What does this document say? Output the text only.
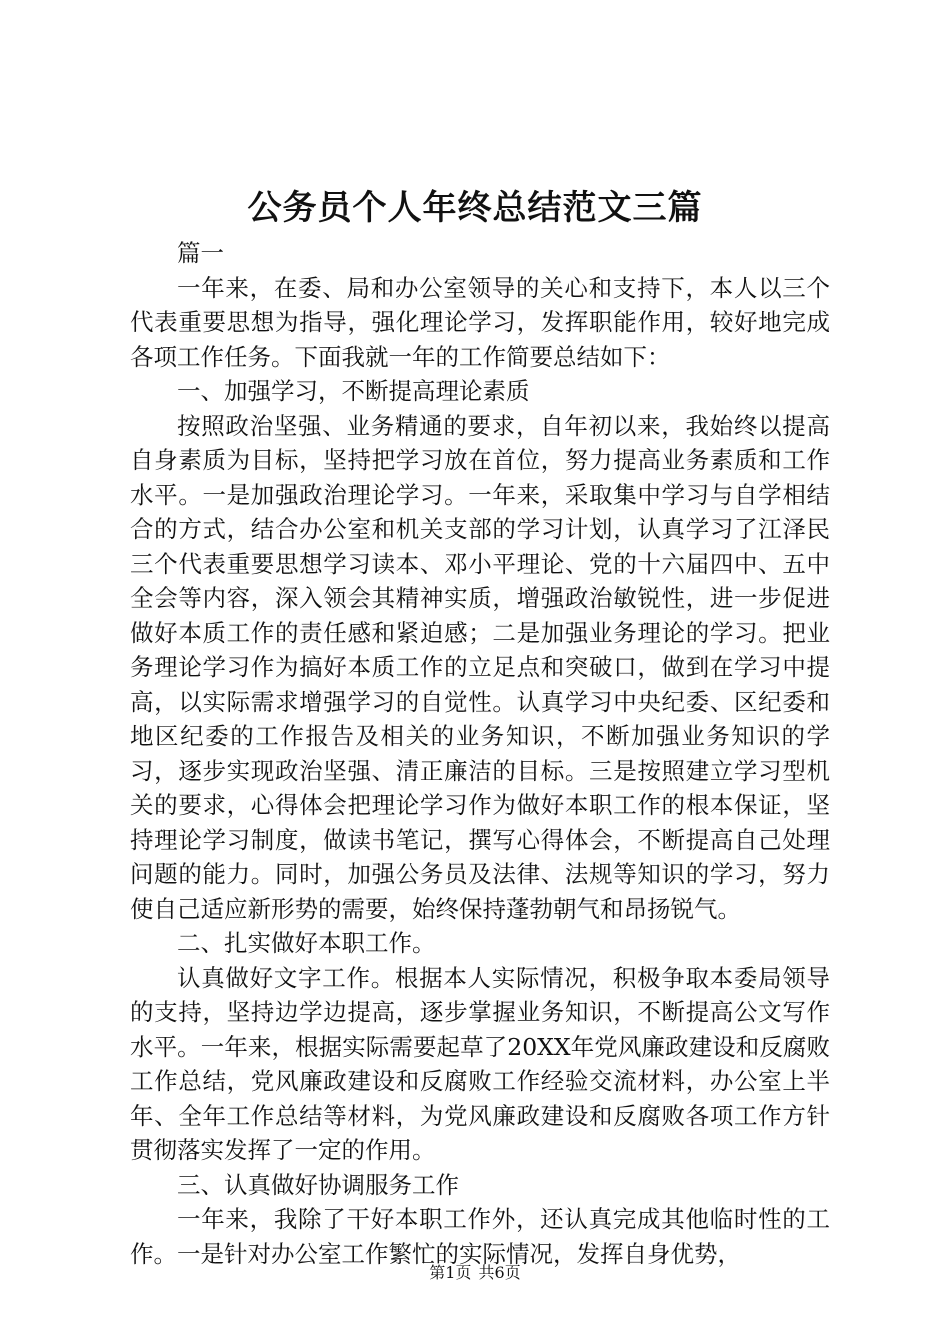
公务员个人年终总结范文三篇

篇一

一年来，在委、局和办公室领导的关心和支持下，本人以三个代表重要思想为指导，强化理论学习，发挥职能作用，较好地完成各项工作任务。下面我就一年的工作简要总结如下：

一、加强学习，不断提高理论素质

按照政治坚强、业务精通的要求，自年初以来，我始终以提高自身素质为目标，坚持把学习放在首位，努力提高业务素质和工作水平。一是加强政治理论学习。一年来，采取集中学习与自学相结合的方式，结合办公室和机关支部的学习计划，认真学习了江泽民三个代表重要思想学习读本、邓小平理论、党的十六届四中、五中全会等内容，深入领会其精神实质，增强政治敏锐性，进一步促进做好本质工作的责任感和紧迫感；二是加强业务理论的学习。把业务理论学习作为搞好本质工作的立足点和突破口，做到在学习中提高，以实际需求增强学习的自觉性。认真学习中央纪委、区纪委和地区纪委的工作报告及相关的业务知识，不断加强业务知识的学习，逐步实现政治坚强、清正廉洁的目标。三是按照建立学习型机关的要求，心得体会把理论学习作为做好本职工作的根本保证，坚持理论学习制度，做读书笔记，撰写心得体会，不断提高自己处理问题的能力。同时，加强公务员及法律、法规等知识的学习，努力使自己适应新形势的需要，始终保持蓬勃朝气和昂扬锐气。

二、扎实做好本职工作。

认真做好文字工作。根据本人实际情况，积极争取本委局领导的支持，坚持边学边提高，逐步掌握业务知识，不断提高公文写作水平。一年来，根据实际需要起草了20XX年党风廉政建设和反腐败工作总结，党风廉政建设和反腐败工作经验交流材料，办公室上半年、全年工作总结等材料，为党风廉政建设和反腐败各项工作方针贯彻落实发挥了一定的作用。

三、认真做好协调服务工作

一年来，我除了干好本职工作外，还认真完成其他临时性的工作。一是针对办公室工作繁忙的实际情况，发挥自身优势，

第1页 共6页
